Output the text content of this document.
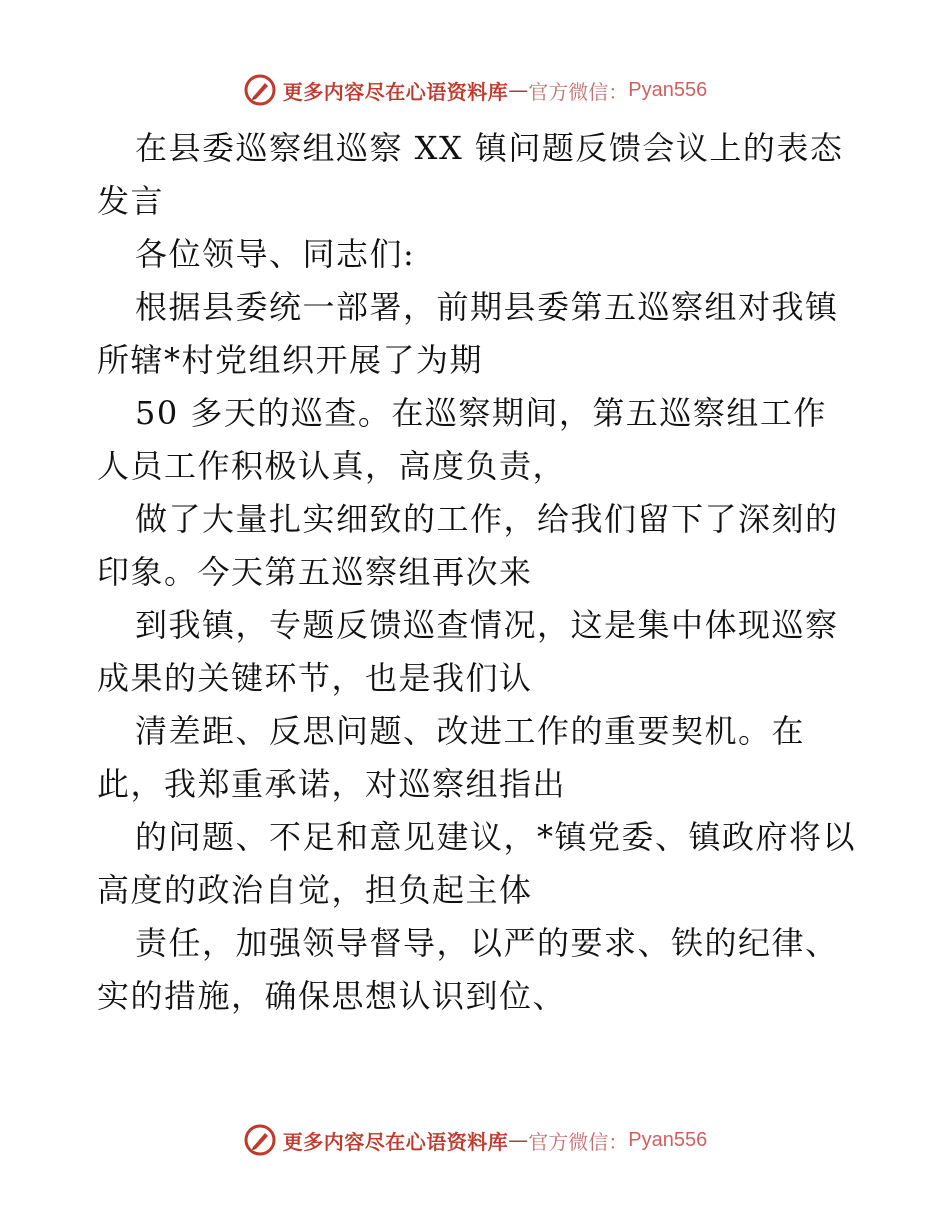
更多内容尽在心语资料库 — 官方微信： Pyan556

在县委巡察组巡察 XX 镇问题反馈会议上的表态发言

各位领导、同志们:

根据县委统一部署，前期县委第五巡察组对我镇所辖*村党组织开展了为期

50 多天的巡查。在巡察期间，第五巡察组工作人员工作积极认真，高度负责，

做了大量扎实细致的工作，给我们留下了深刻的印象。今天第五巡察组再次来

到我镇，专题反馈巡查情况，这是集中体现巡察成果的关键环节，也是我们认

清差距、反思问题、改进工作的重要契机。在此，我郑重承诺，对巡察组指出

的问题、不足和意见建议，*镇党委、镇政府将以高度的政治自觉，担负起主体

责任，加强领导督导，以严的要求、铁的纪律、实的措施，确保思想认识到位、

更多内容尽在心语资料库 — 官方微信： Pyan556
